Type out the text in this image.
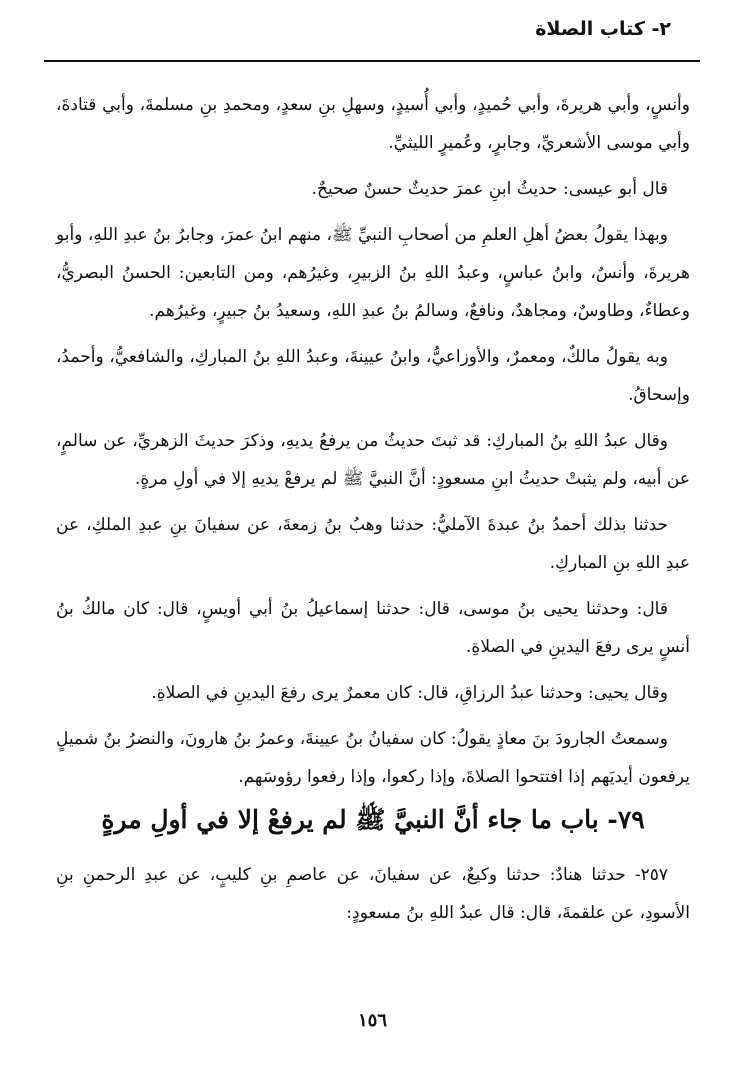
٢- كتاب الصلاة

وأنسٍ، وأبي هريرةَ، وأبي حُميدٍ، وأبي أُسيدٍ، وسهلِ بنِ سعدٍ، ومحمدِ بنِ مسلمةَ، وأبي قتادةَ، وأبي موسى الأشعريِّ، وجابرٍ، وعُميرٍ الليثيِّ.

قال أبو عيسى: حديثُ ابنِ عمرَ حديثٌ حسنٌ صحيحٌ.

وبهذا يقولُ بعضُ أهلِ العلمِ من أصحابِ النبيِّ ﷺ، منهم ابنُ عمرَ، وجابرُ بنُ عبدِ اللهِ، وأبو هريرةَ، وأنسٌ، وابنُ عباسٍ، وعبدُ اللهِ بنُ الزبيرِ، وغيرُهم، ومن التابعين: الحسنُ البصريُّ، وعطاءٌ، وطاوسٌ، ومجاهدٌ، ونافعٌ، وسالمُ بنُ عبدِ اللهِ، وسعيدُ بنُ جبيرٍ، وغيرُهم.

وبه يقولُ مالكٌ، ومعمرٌ، والأوزاعيُّ، وابنُ عيينةَ، وعبدُ اللهِ بنُ المباركِ، والشافعيُّ، وأحمدُ، وإسحاقُ.

وقال عبدُ اللهِ بنُ المباركِ: قد ثبتَ حديثُ من يرفعُ يديهِ، وذكرَ حديثَ الزهريِّ، عن سالمٍ، عن أبيه، ولم يثبتْ حديثُ ابنِ مسعودٍ: أنَّ النبيَّ ﷺ لم يرفعْ يديهِ إلا في أولِ مرةٍ.

حدثنا بذلك أحمدُ بنُ عبدةَ الآمليُّ: حدثنا وهبُ بنُ زمعةَ، عن سفيانَ بنِ عبدِ الملكِ، عن عبدِ اللهِ بنِ المباركِ.

قال: وحدثنا يحيى بنُ موسى، قال: حدثنا إسماعيلُ بنُ أبي أويسٍ، قال: كان مالكُ بنُ أنسٍ يرى رفعَ اليدينِ في الصلاةِ.

وقال يحيى: وحدثنا عبدُ الرزاقِ، قال: كان معمرٌ يرى رفعَ اليدينِ في الصلاةِ.

وسمعتُ الجارودَ بنَ معاذٍ يقولُ: كان سفيانُ بنُ عيينةَ، وعمرُ بنُ هارونَ، والنضرُ بنُ شميلٍ يرفعون أيديَهم إذا افتتحوا الصلاةَ، وإذا ركعوا، وإذا رفعوا رؤوسَهم.

٧٩- باب ما جاء أنَّ النبيَّ ﷺ لم يرفعْ إلا في أولِ مرةٍ

٢٥٧- حدثنا هنادٌ: حدثنا وكيعٌ، عن سفيانَ، عن عاصمِ بنِ كليبٍ، عن عبدِ الرحمنِ بنِ الأسودِ، عن علقمةَ، قال: قال عبدُ اللهِ بنُ مسعودٍ:

١٥٦
